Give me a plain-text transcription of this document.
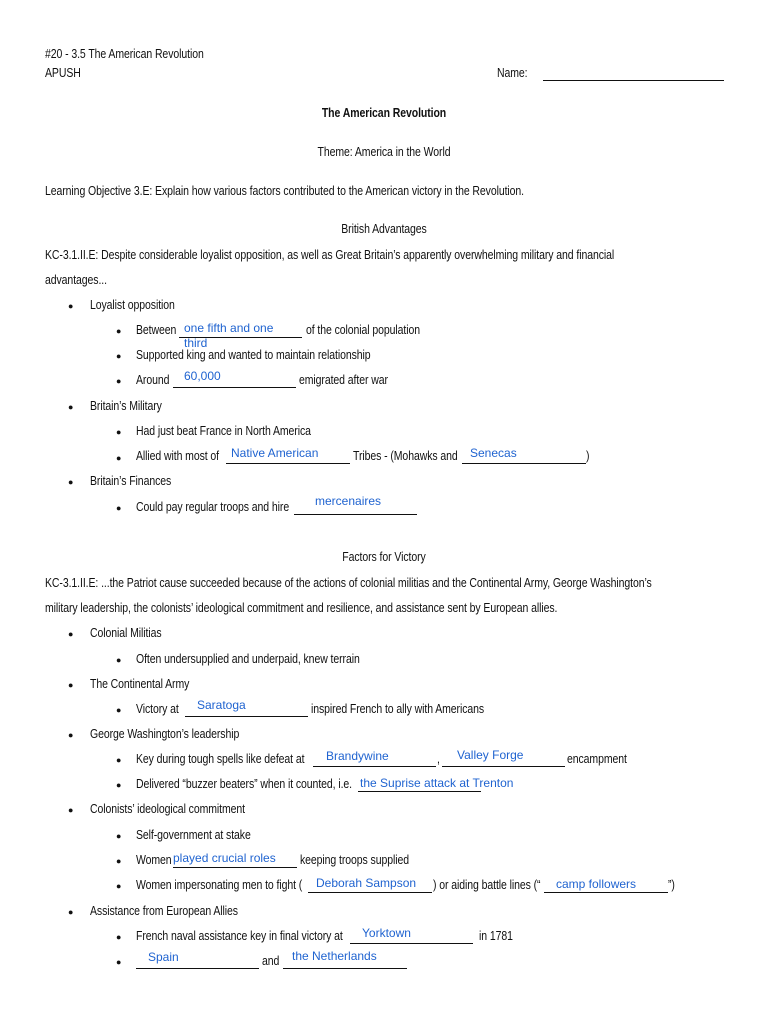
#20 - 3.5 The American Revolution
APUSH	Name:
The American Revolution
Theme: America in the World
Learning Objective 3.E: Explain how various factors contributed to the American victory in the Revolution.
British Advantages
KC-3.1.II.E: Despite considerable loyalist opposition, as well as Great Britain’s apparently overwhelming military and financial
advantages...
● Loyalist opposition
● Between one fifth and one
third
of the colonial population
● Supported king and wanted to maintain relationship
● Around 60,000	emigrated after war
● Britain’s Military
● Had just beat France in North America
● Allied with most of Native American	Tribes - (Mohawks and Senecas	)
● Britain’s Finances
● Could pay regular troops and hire mercenaires
Factors for Victory
KC-3.1.II.E: ...the Patriot cause succeeded because of the actions of colonial militias and the Continental Army, George Washington’s
military leadership, the colonists’ ideological commitment and resilience, and assistance sent by European allies.
● Colonial Militias
● Often undersupplied and underpaid, knew terrain
● The Continental Army
● Victory at Saratoga	inspired French to ally with Americans
● George Washington’s leadership
● Key during tough spells like defeat at Brandywine	, Valley Forge	encampment
● Delivered “buzzer beaters” when it counted, i.e. the Suprise attack at Trenton
● Colonists’ ideological commitment
● Self-government at stake
● Women played crucial roles keeping troops supplied
● Women impersonating men to fight ( Deborah Sampson ) or aiding battle lines (“ camp followers	”)
● Assistance from European Allies
● French naval assistance key in final victory at Yorktown	in 1781
● Spain	and the Netherlands
